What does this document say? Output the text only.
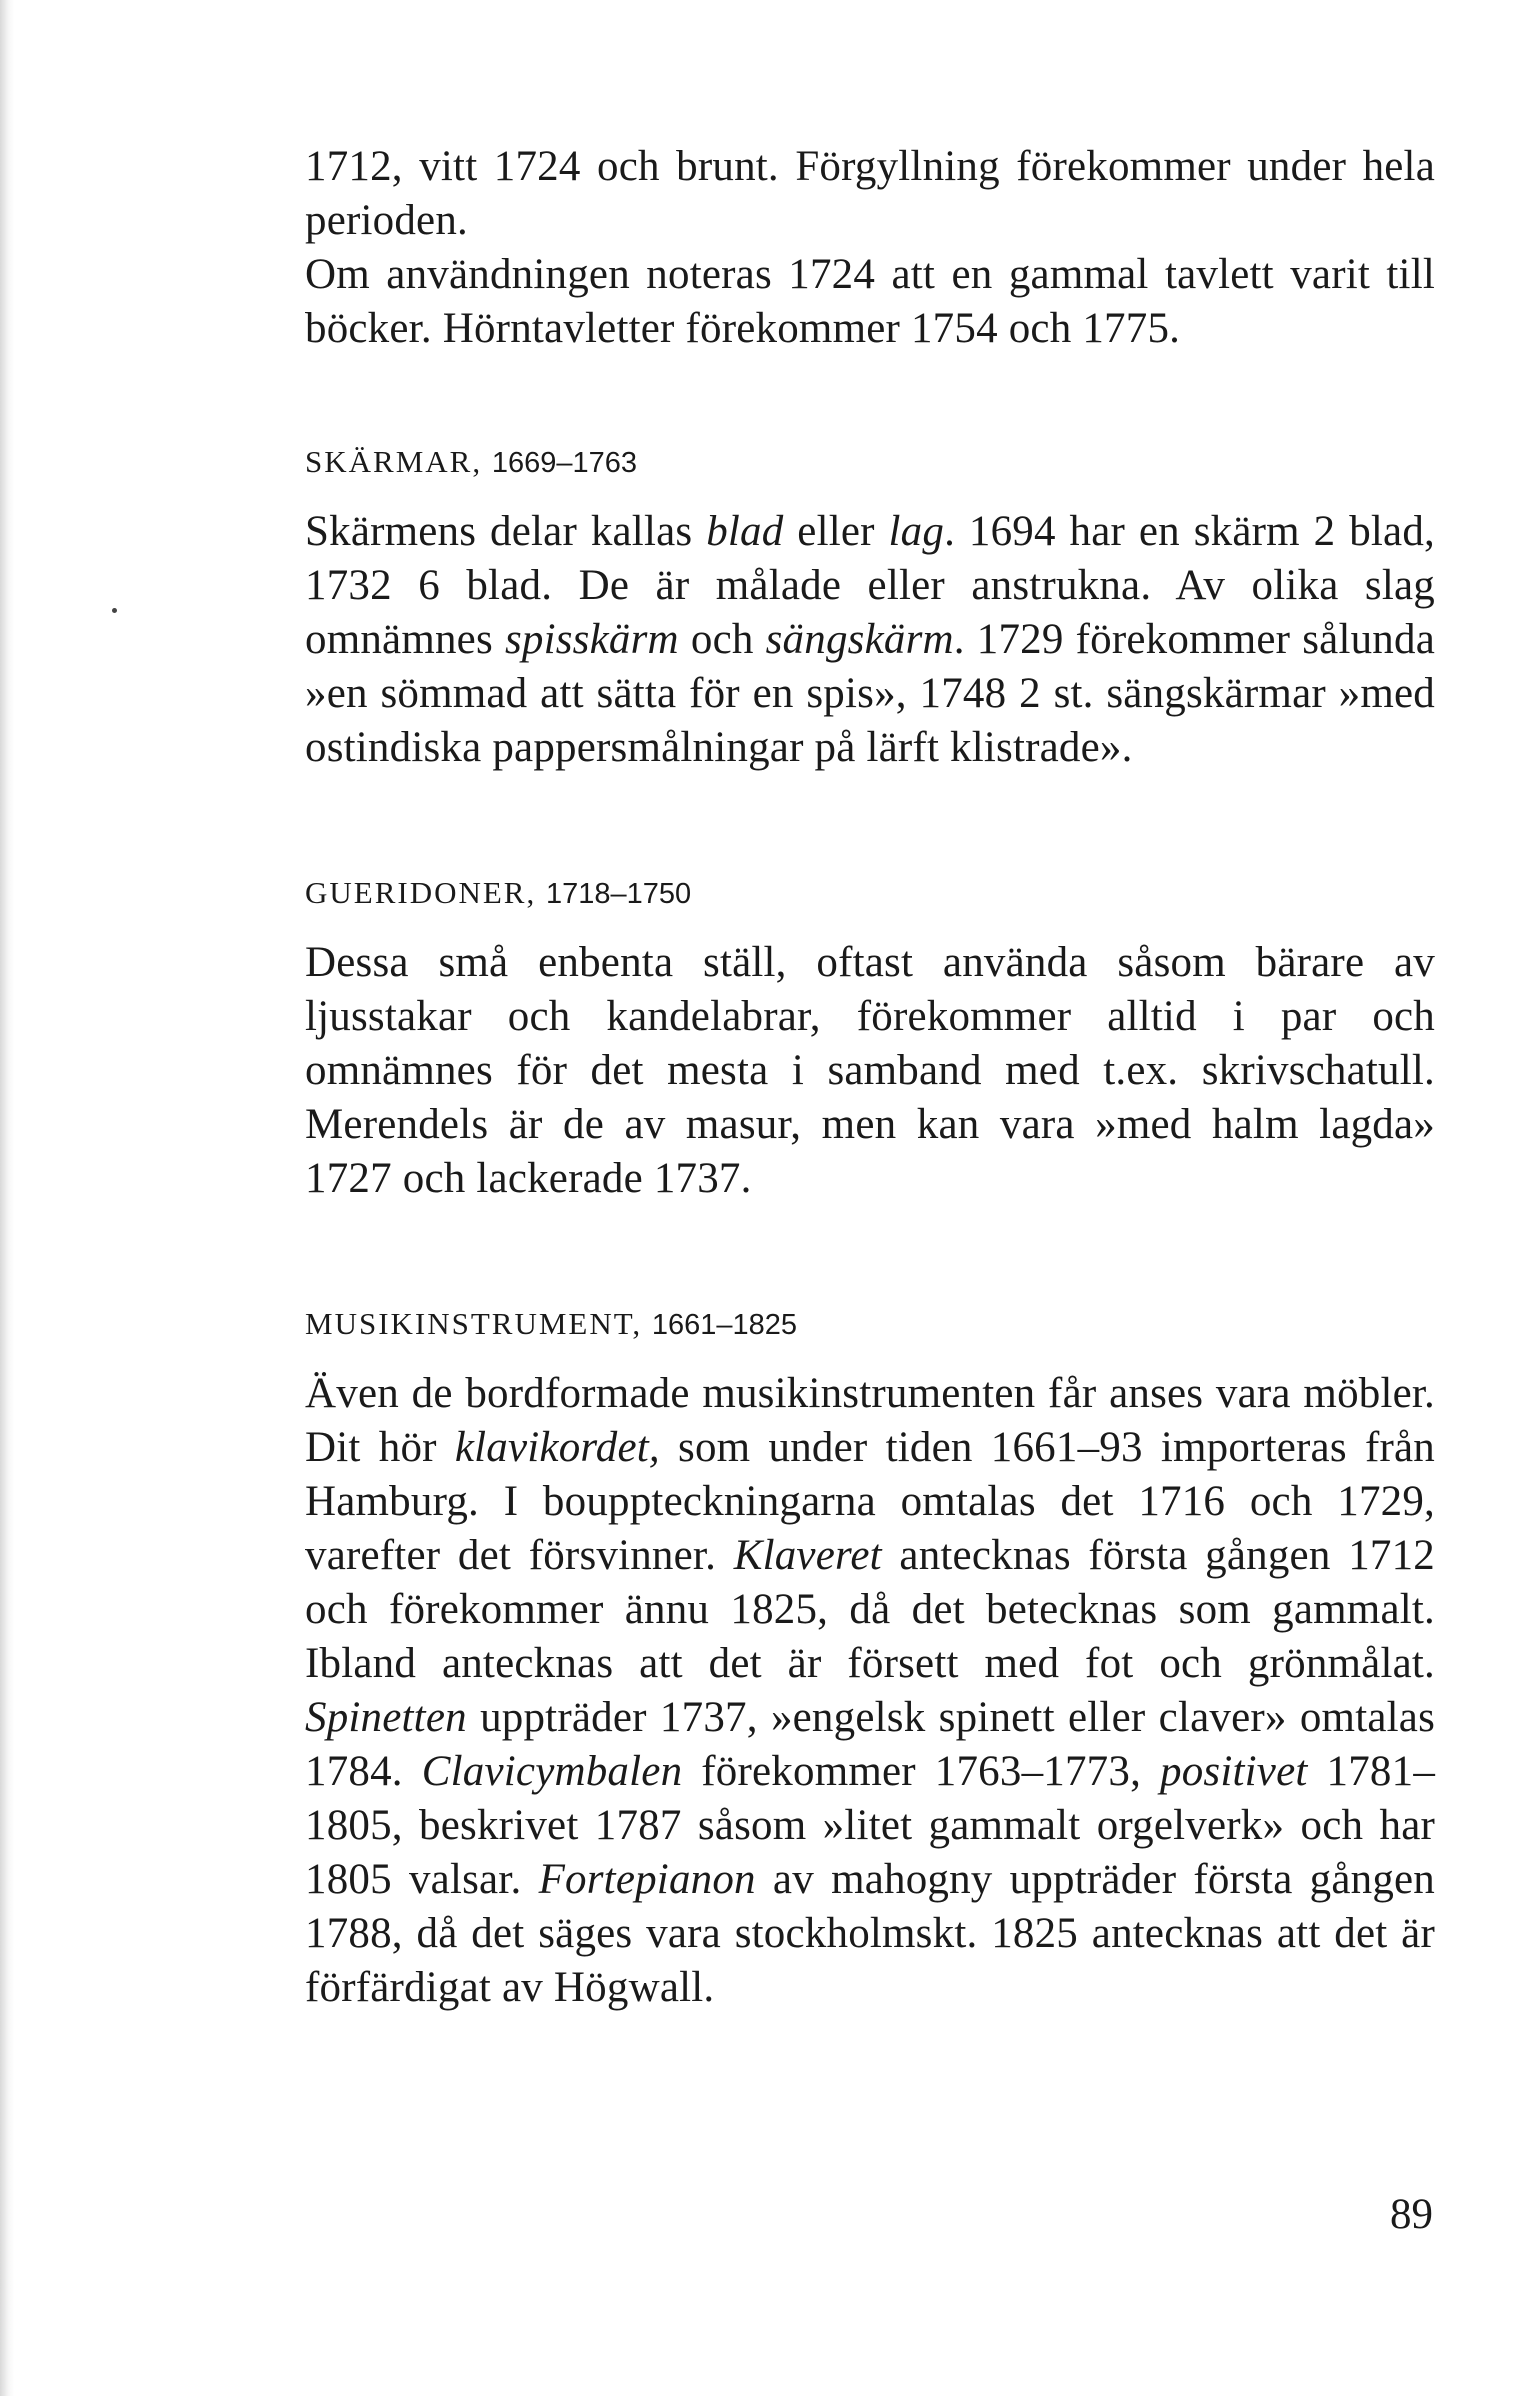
1712, vitt 1724 och brunt. Förgyllning förekommer under hela perioden.

Om användningen noteras 1724 att en gammal tavlett varit till böcker. Hörntavletter förekommer 1754 och 1775.

SKÄRMAR, 1669–1763

Skärmens delar kallas blad eller lag. 1694 har en skärm 2 blad, 1732 6 blad. De är målade eller anstrukna. Av olika slag omnämnes spisskärm och sängskärm. 1729 förekommer sålunda »en sömmad att sätta för en spis», 1748 2 st. sängskärmar »med ostindiska pappersmålningar på lärft klistrade».

GUERIDONER, 1718–1750

Dessa små enbenta ställ, oftast använda såsom bärare av ljusstakar och kandelabrar, förekommer alltid i par och omnämnes för det mesta i samband med t.ex. skrivschatull. Merendels är de av masur, men kan vara »med halm lagda» 1727 och lackerade 1737.

MUSIKINSTRUMENT, 1661–1825

Även de bordformade musikinstrumenten får anses vara möbler. Dit hör klavikordet, som under tiden 1661–93 importeras från Hamburg. I bouppteckningarna omtalas det 1716 och 1729, varefter det försvinner. Klaveret antecknas första gången 1712 och förekommer ännu 1825, då det betecknas som gammalt. Ibland antecknas att det är försett med fot och grönmålat. Spinetten uppträder 1737, »engelsk spinett eller claver» omtalas 1784. Clavicymbalen förekommer 1763–1773, positivet 1781–1805, beskrivet 1787 såsom »litet gammalt orgelverk» och har 1805 valsar. Fortepianon av mahogny uppträder första gången 1788, då det säges vara stockholmskt. 1825 antecknas att det är förfärdigat av Högwall.

89
